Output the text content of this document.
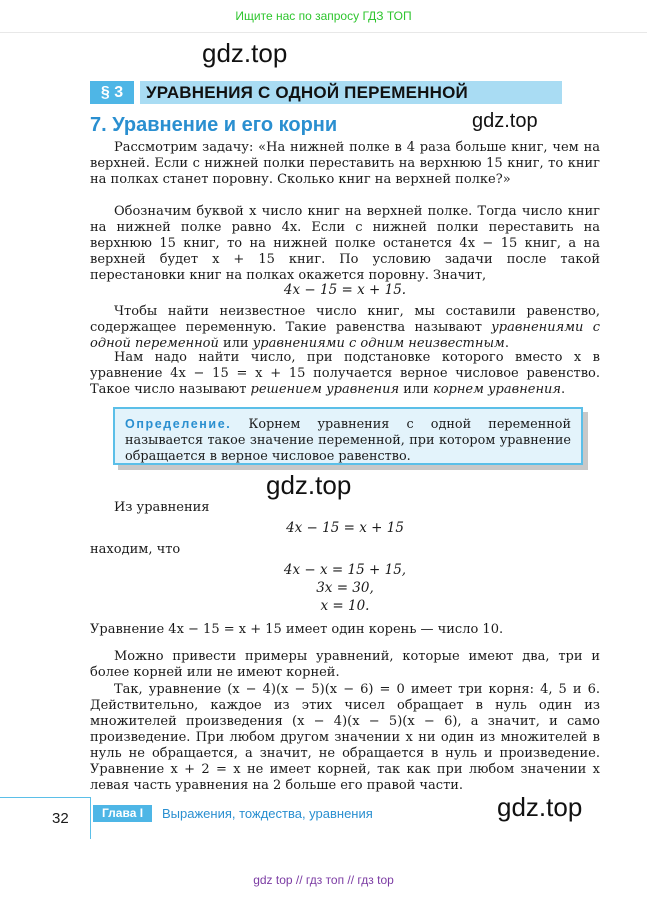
Ищите нас по запросу ГДЗ ТОП
gdz.top
§ 3	УРАВНЕНИЯ С ОДНОЙ ПЕРЕМЕННОЙ
7. Уравнение и его корни	gdz.top
Рассмотрим задачу: «На нижней полке в 4 раза больше книг, чем на верхней. Если с нижней полки переставить на верхнюю 15 книг, то книг на полках станет поровну. Сколько книг на верхней полке?»
Обозначим буквой x число книг на верхней полке. Тогда число книг на нижней полке равно 4x. Если с нижней полки переставить на верхнюю 15 книг, то на нижней полке останется 4x − 15 книг, а на верхней будет x + 15 книг. По условию задачи после такой перестановки книг на полках окажется поровну. Значит,
4x − 15 = x + 15.
Чтобы найти неизвестное число книг, мы составили равенство, содержащее переменную. Такие равенства называют уравнениями с одной переменной или уравнениями с одним неизвестным.
Нам надо найти число, при подстановке которого вместо x в уравнение 4x − 15 = x + 15 получается верное числовое равенство. Такое число называют решением уравнения или корнем уравнения.
Определение. Корнем уравнения с одной переменной называется такое значение переменной, при котором уравнение обращается в верное числовое равенство.
gdz.top
Из уравнения
4x − 15 = x + 15
находим, что
4x − x = 15 + 15,
3x = 30,
x = 10.
Уравнение 4x − 15 = x + 15 имеет один корень — число 10.
Можно привести примеры уравнений, которые имеют два, три и более корней или не имеют корней.
Так, уравнение (x − 4)(x − 5)(x − 6) = 0 имеет три корня: 4, 5 и 6. Действительно, каждое из этих чисел обращает в нуль один из множителей произведения (x − 4)(x − 5)(x − 6), а значит, и само произведение. При любом другом значении x ни один из множителей в нуль не обращается, а значит, не обращается в нуль и произведение. Уравнение x + 2 = x не имеет корней, так как при любом значении x левая часть уравнения на 2 больше его правой части.
32	Глава I	Выражения, тождества, уравнения	gdz.top
gdz top // гдз топ // гдз top
